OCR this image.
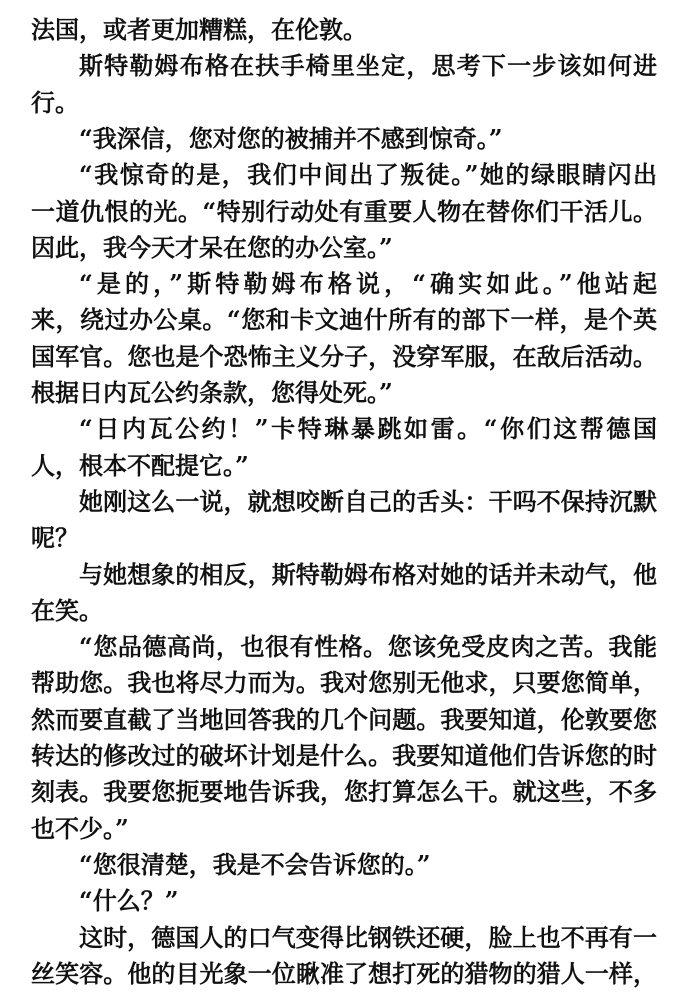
法国，或者更加糟糕，在伦敦。
斯特勒姆布格在扶手椅里坐定，思考下一步该如何进
行。
“我深信，您对您的被捕并不感到惊奇。”
“我惊奇的是，我们中间出了叛徒。”她的绿眼睛闪出
一道仇恨的光。“特别行动处有重要人物在替你们干活儿。
因此，我今天才呆在您的办公室。”
“是的，”斯特勒姆布格说，“确实如此。”他站起
来，绕过办公桌。“您和卡文迪什所有的部下一样，是个英
国军官。您也是个恐怖主义分子，没穿军服，在敌后活动。
根据日内瓦公约条款，您得处死。”
“日内瓦公约！”卡特琳暴跳如雷。“你们这帮德国
人，根本不配提它。”
她刚这么一说，就想咬断自己的舌头：干吗不保持沉默
呢？
与她想象的相反，斯特勒姆布格对她的话并未动气，他
在笑。
“您品德高尚，也很有性格。您该免受皮肉之苦。我能
帮助您。我也将尽力而为。我对您别无他求，只要您简单，
然而要直截了当地回答我的几个问题。我要知道，伦敦要您
转达的修改过的破坏计划是什么。我要知道他们告诉您的时
刻表。我要您扼要地告诉我，您打算怎么干。就这些，不多
也不少。”
“您很清楚，我是不会告诉您的。”
“什么？”
这时，德国人的口气变得比钢铁还硬，脸上也不再有一
丝笑容。他的目光象一位瞅准了想打死的猎物的猎人一样，
